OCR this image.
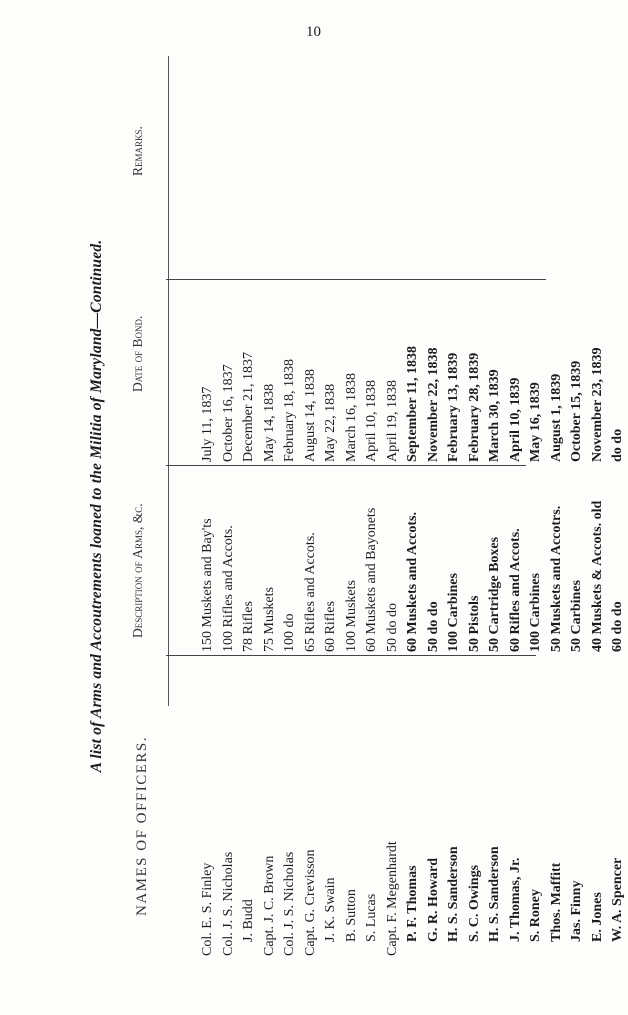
10
A list of Arms and Accoutrements loaned to the Militia of Maryland—Continued.
NAMES OF OFFICERS.
Description of Arms, &c.
Date of Bond.
Remarks.
Col. E. S. Finley
150 Muskets and Bay'ts
July 11, 1837
Col. J. S. Nicholas
100 Rifles and Accots.
October 16, 1837
J. Budd
78 Rifles
December 21, 1837
Capt. J. C. Brown
75 Muskets
May 14, 1838
Col. J. S. Nicholas
100 do
February 18, 1838
Capt. G. Crevisson
65 Rifles and Accots.
August 14, 1838
J. K. Swain
60 Rifles
May 22, 1838
B. Sutton
100 Muskets
March 16, 1838
S. Lucas
60 Muskets and Bayonets
April 10, 1838
Capt. F. Megenhardt
50 do do
April 19, 1838
P. F. Thomas
60 Muskets and Accots.
September 11, 1838
G. R. Howard
50 do do
November 22, 1838
H. S. Sanderson
100 Carbines
February 13, 1839
S. C. Owings
50 Pistols
February 28, 1839
H. S. Sanderson
50 Cartridge Boxes
March 30, 1839
J. Thomas, Jr.
60 Rifles and Accots.
April 10, 1839
S. Roney
100 Carbines
May 16, 1839
Thos. Maffitt
50 Muskets and Accotrs.
August 1, 1839
Jas. Finny
50 Carbines
October 15, 1839
E. Jones
40 Muskets & Accots. old
November 23, 1839
W. A. Spencer
60 do do
do do
